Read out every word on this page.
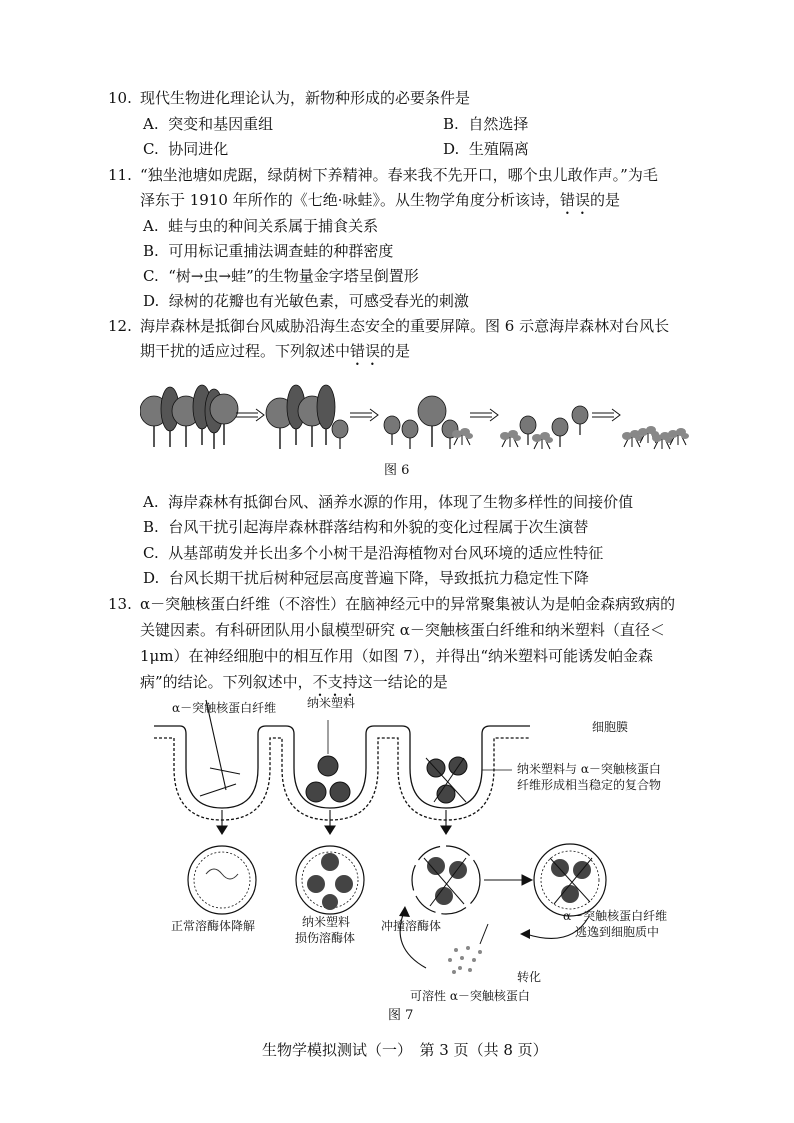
10. 现代生物进化理论认为，新物种形成的必要条件是
A. 突变和基因重组	B. 自然选择
C. 协同进化	D. 生殖隔离
11. “独坐池塘如虎踞，绿荫树下养精神。春来我不先开口，哪个虫儿敢作声。”为毛
泽东于 1910 年所作的《七绝·咏蛙》。从生物学角度分析该诗，错误的是
A. 蛙与虫的种间关系属于捕食关系
B. 可用标记重捕法调查蛙的种群密度
C. “树→虫→蛙”的生物量金字塔呈倒置形
D. 绿树的花瓣也有光敏色素，可感受春光的刺激
12. 海岸森林是抵御台风威胁沿海生态安全的重要屏障。图 6 示意海岸森林对台风长
期干扰的适应过程。下列叙述中错误的是
图 6
A. 海岸森林有抵御台风、涵养水源的作用，体现了生物多样性的间接价值
B. 台风干扰引起海岸森林群落结构和外貌的变化过程属于次生演替
C. 从基部萌发并长出多个小树干是沿海植物对台风环境的适应性特征
D. 台风长期干扰后树种冠层高度普遍下降，导致抵抗力稳定性下降
13. α－突触核蛋白纤维（不溶性）在脑神经元中的异常聚集被认为是帕金森病致病的
关键因素。有科研团队用小鼠模型研究 α－突触核蛋白纤维和纳米塑料（直径＜
1μm）在神经细胞中的相互作用（如图 7），并得出“纳米塑料可能诱发帕金森
病”的结论。下列叙述中，不支持这一结论的是
α－突触核蛋白纤维	纳米塑料
细胞膜
纳米塑料与 α－突触核蛋白
纤维形成相当稳定的复合物
正常溶酶体降解	纳米塑料
损伤溶酶体
冲撞溶酶体
α－突触核蛋白纤维
逃逸到细胞质中
转化
可溶性 α－突触核蛋白
图 7
生物学模拟测试（一）　第 3 页（共 8 页）
